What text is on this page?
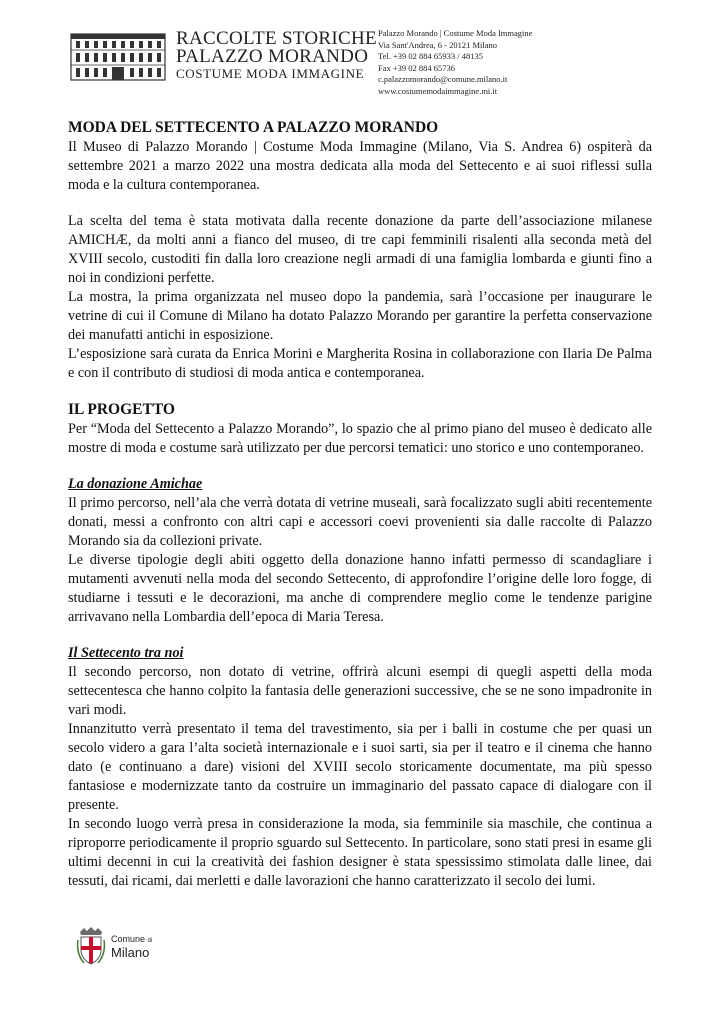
RACCOLTE STORICHE
PALAZZO MORANDO
COSTUME MODA IMMAGINE
Palazzo Morando | Costume Moda Immagine
Via Sant'Andrea, 6 - 20121 Milano
Tel. +39 02 884 65933 / 48135
Fax +39 02 884 65736
c.palazzomorando@comune.milano.it
www.costumemodaimmagine.mi.it

MODA DEL SETTECENTO A PALAZZO MORANDO

Il Museo di Palazzo Morando | Costume Moda Immagine (Milano, Via S. Andrea 6) ospiterà da settembre 2021 a marzo 2022 una mostra dedicata alla moda del Settecento e ai suoi riflessi sulla moda e la cultura contemporanea.

La scelta del tema è stata motivata dalla recente donazione da parte dell’associazione milanese AMICHÆ, da molti anni a fianco del museo, di tre capi femminili risalenti alla seconda metà del XVIII secolo, custoditi fin dalla loro creazione negli armadi di una famiglia lombarda e giunti fino a noi in condizioni perfette.

La mostra, la prima organizzata nel museo dopo la pandemia, sarà l’occasione per inaugurare le vetrine di cui il Comune di Milano ha dotato Palazzo Morando per garantire la perfetta conservazione dei manufatti antichi in esposizione.

L’esposizione sarà curata da Enrica Morini e Margherita Rosina in collaborazione con Ilaria De Palma e con il contributo di studiosi di moda antica e contemporanea.

IL PROGETTO

Per “Moda del Settecento a Palazzo Morando”, lo spazio che al primo piano del museo è dedicato alle mostre di moda e costume sarà utilizzato per due percorsi tematici: uno storico e uno contemporaneo.

La donazione Amichae

Il primo percorso, nell’ala che verrà dotata di vetrine museali, sarà focalizzato sugli abiti recentemente donati, messi a confronto con altri capi e accessori coevi provenienti sia dalle raccolte di Palazzo Morando sia da collezioni private.

Le diverse tipologie degli abiti oggetto della donazione hanno infatti permesso di scandagliare i mutamenti avvenuti nella moda del secondo Settecento, di approfondire l’origine delle loro fogge, di studiarne i tessuti e le decorazioni, ma anche di comprendere meglio come le tendenze parigine arrivavano nella Lombardia dell’epoca di Maria Teresa.

Il Settecento tra noi

Il secondo percorso, non dotato di vetrine, offrirà alcuni esempi di quegli aspetti della moda settecentesca che hanno colpito la fantasia delle generazioni successive, che se ne sono impadronite in vari modi.

Innanzitutto verrà presentato il tema del travestimento, sia per i balli in costume che per quasi un secolo videro a gara l’alta società internazionale e i suoi sarti, sia per il teatro e il cinema che hanno dato (e continuano a dare) visioni del XVIII secolo storicamente documentate, ma più spesso fantasiose e modernizzate tanto da costruire un immaginario del passato capace di dialogare con il presente.

In secondo luogo verrà presa in considerazione la moda, sia femminile sia maschile, che continua a riproporre periodicamente il proprio sguardo sul Settecento. In particolare, sono stati presi in esame gli ultimi decenni in cui la creatività dei fashion designer è stata spessissimo stimolata dalle linee, dai tessuti, dai ricami, dai merletti e dalle lavorazioni che hanno caratterizzato il secolo dei lumi.

Comune di
Milano
